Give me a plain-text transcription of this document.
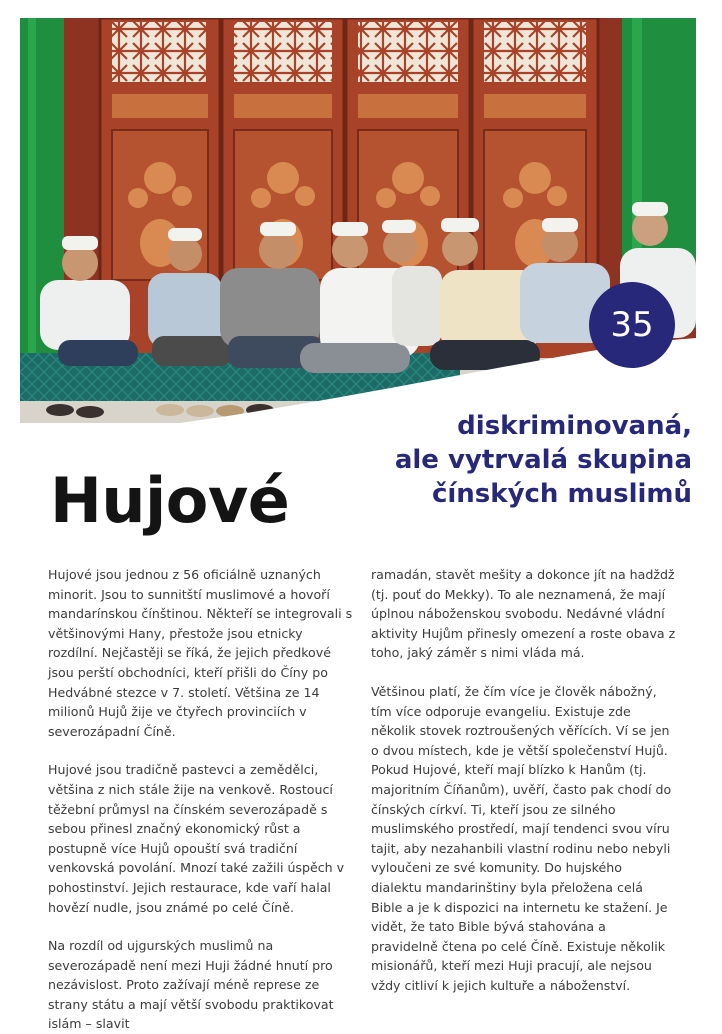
35
diskriminovaná,
ale vytrvalá skupina
čínských muslimů
Hujové

Hujové jsou jednou z 56 oficiálně uznaných minorit. Jsou to sunnitští muslimové a hovoří mandarínskou čínštinou. Někteří se integrovali s většinovými Hany, přestože jsou etnicky rozdílní. Nejčastěji se říká, že jejich předkové jsou perští obchodníci, kteří přišli do Číny po Hedvábné stezce v 7. století. Většina ze 14 milionů Hujů žije ve čtyřech provinciích v severozápadní Číně.

Hujové jsou tradičně pastevci a zemědělci, většina z nich stále žije na venkově. Rostoucí těžební průmysl na čínském severozápadě s sebou přinesl značný ekonomický růst a postupně více Hujů opouští svá tradiční venkovská povolání. Mnozí také zažili úspěch v pohostinství. Jejich restaurace, kde vaří halal hovězí nudle, jsou známé po celé Číně.

Na rozdíl od ujgurských muslimů na severozápadě není mezi Huji žádné hnutí pro nezávislost. Proto zažívají méně represe ze strany státu a mají větší svobodu praktikovat islám – slavit

ramadán, stavět mešity a dokonce jít na hadždž (tj. pouť do Mekky). To ale neznamená, že mají úplnou náboženskou svobodu. Nedávné vládní aktivity Hujům přinesly omezení a roste obava z toho, jaký záměr s nimi vláda má.

Většinou platí, že čím více je člověk nábožný, tím více odporuje evangeliu. Existuje zde několik stovek roztroušených věřících. Ví se jen o dvou místech, kde je větší společenství Hujů. Pokud Hujové, kteří mají blízko k Hanům (tj. majoritním Číňanům), uvěří, často pak chodí do čínských církví. Ti, kteří jsou ze silného muslimského prostředí, mají tendenci svou víru tajit, aby nezahanbili vlastní rodinu nebo nebyli vyloučeni ze své komunity. Do hujského dialektu mandarinštiny byla přeložena celá Bible a je k dispozici na internetu ke stažení. Je vidět, že tato Bible bývá stahována a pravidelně čtena po celé Číně. Existuje několik misionářů, kteří mezi Huji pracují, ale nejsou vždy citliví k jejich kultuře a náboženství.
